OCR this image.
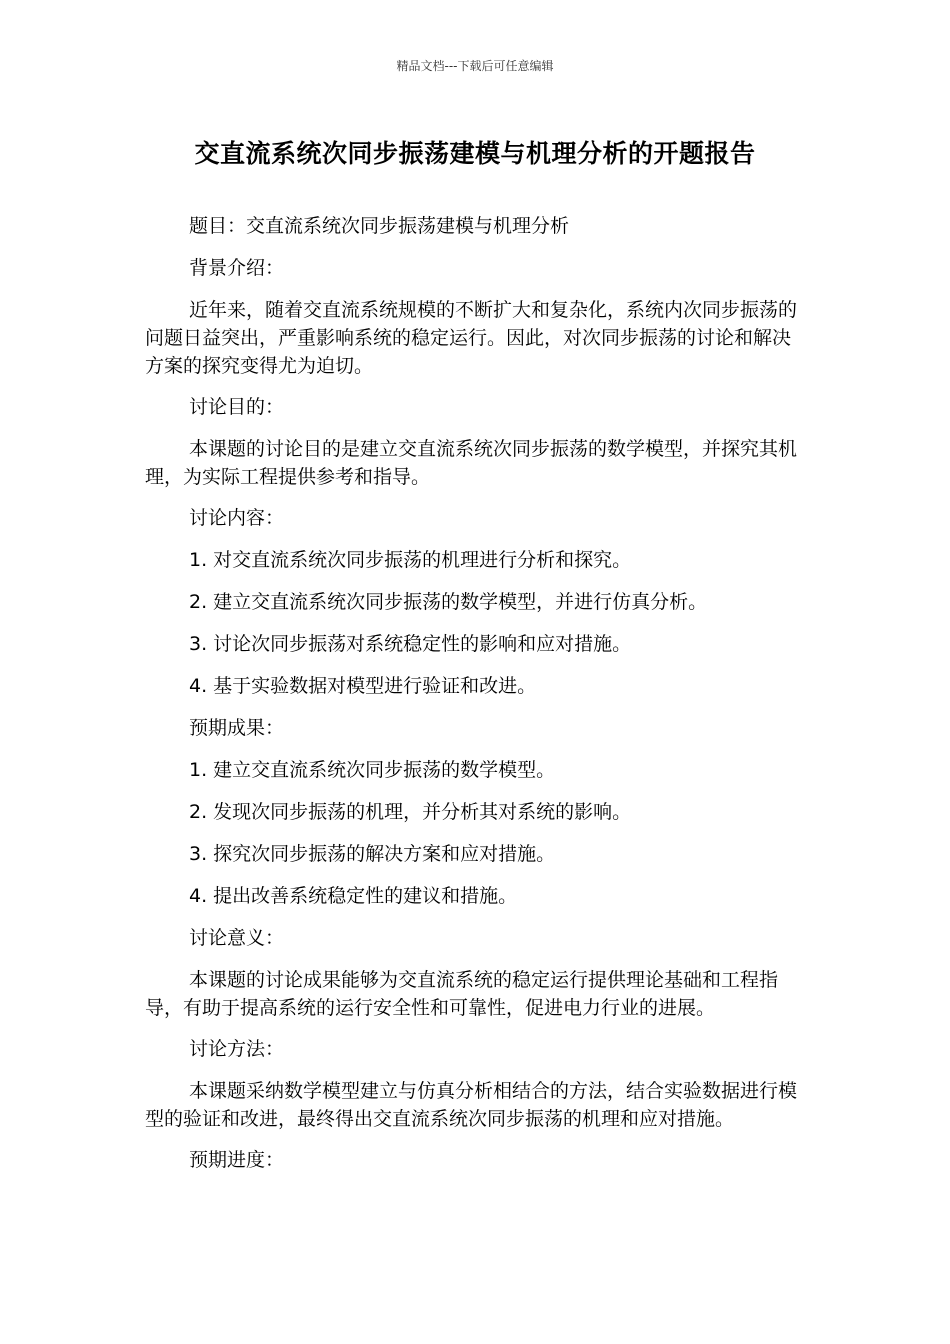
精品文档---下载后可任意编辑
交直流系统次同步振荡建模与机理分析的开题报告

题目：交直流系统次同步振荡建模与机理分析

背景介绍：

近年来，随着交直流系统规模的不断扩大和复杂化，系统内次同步振荡的问题日益突出，严重影响系统的稳定运行。因此，对次同步振荡的讨论和解决方案的探究变得尤为迫切。

讨论目的：

本课题的讨论目的是建立交直流系统次同步振荡的数学模型，并探究其机理，为实际工程提供参考和指导。

讨论内容：

1. 对交直流系统次同步振荡的机理进行分析和探究。

2. 建立交直流系统次同步振荡的数学模型，并进行仿真分析。

3. 讨论次同步振荡对系统稳定性的影响和应对措施。

4. 基于实验数据对模型进行验证和改进。

预期成果：

1. 建立交直流系统次同步振荡的数学模型。

2. 发现次同步振荡的机理，并分析其对系统的影响。

3. 探究次同步振荡的解决方案和应对措施。

4. 提出改善系统稳定性的建议和措施。

讨论意义：

本课题的讨论成果能够为交直流系统的稳定运行提供理论基础和工程指导，有助于提高系统的运行安全性和可靠性，促进电力行业的进展。

讨论方法：

本课题采纳数学模型建立与仿真分析相结合的方法，结合实验数据进行模型的验证和改进，最终得出交直流系统次同步振荡的机理和应对措施。

预期进度：
